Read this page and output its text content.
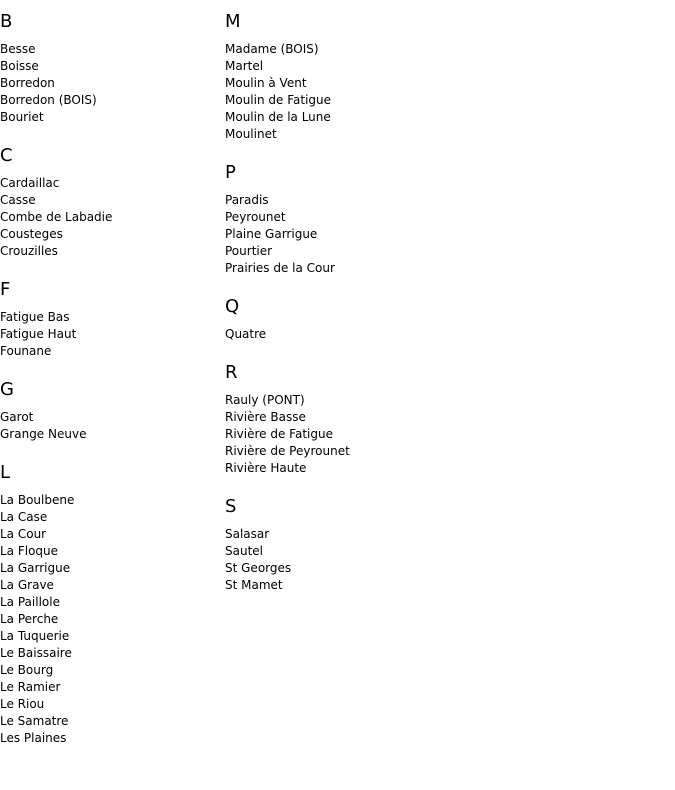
B
Besse
Boisse
Borredon
Borredon (BOIS)
Bouriet
C
Cardaillac
Casse
Combe de Labadie
Cousteges
Crouzilles
F
Fatigue Bas
Fatigue Haut
Founane
G
Garot
Grange Neuve
L
La Boulbene
La Case
La Cour
La Floque
La Garrigue
La Grave
La Paillole
La Perche
La Tuquerie
Le Baissaire
Le Bourg
Le Ramier
Le Riou
Le Samatre
Les Plaines
M
Madame (BOIS)
Martel
Moulin à Vent
Moulin de Fatigue
Moulin de la Lune
Moulinet
P
Paradis
Peyrounet
Plaine Garrigue
Pourtier
Prairies de la Cour
Q
Quatre
R
Rauly (PONT)
Rivière Basse
Rivière de Fatigue
Rivière de Peyrounet
Rivière Haute
S
Salasar
Sautel
St Georges
St Mamet
